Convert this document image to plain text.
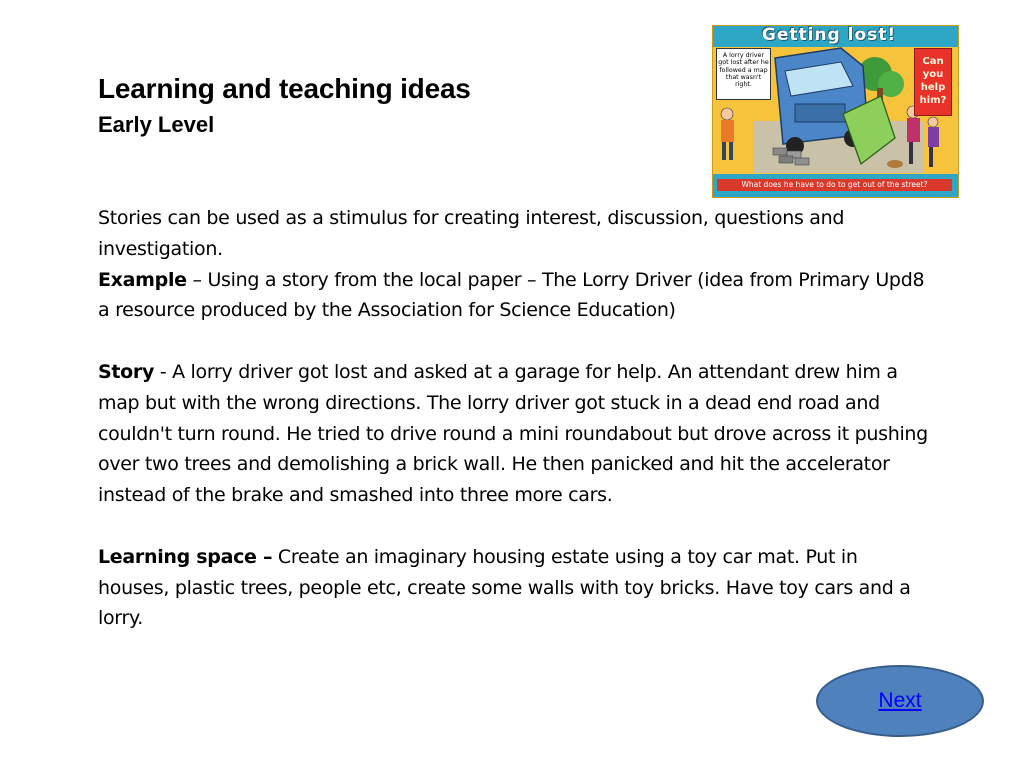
Learning and teaching ideas
Early Level
Getting lost!
A lorry driver got lost after he followed a map that wasn't right.
Can you help him?
What does he have to do to get out of the street?

Stories can be used as a stimulus for creating interest, discussion, questions and investigation.

Example – Using a story from the local paper – The Lorry Driver (idea from Primary Upd8 a resource produced by the Association for Science Education)

Story - A lorry driver got lost and asked at a garage for help. An attendant drew him a map but with the wrong directions. The lorry driver got stuck in a dead end road and couldn't turn round. He tried to drive round a mini roundabout but drove across it pushing over two trees and demolishing a brick wall. He then panicked and hit the accelerator instead of the brake and smashed into three more cars.

Learning space – Create an imaginary housing estate using a toy car mat. Put in houses, plastic trees, people etc, create some walls with toy bricks. Have toy cars and a lorry.

Next
